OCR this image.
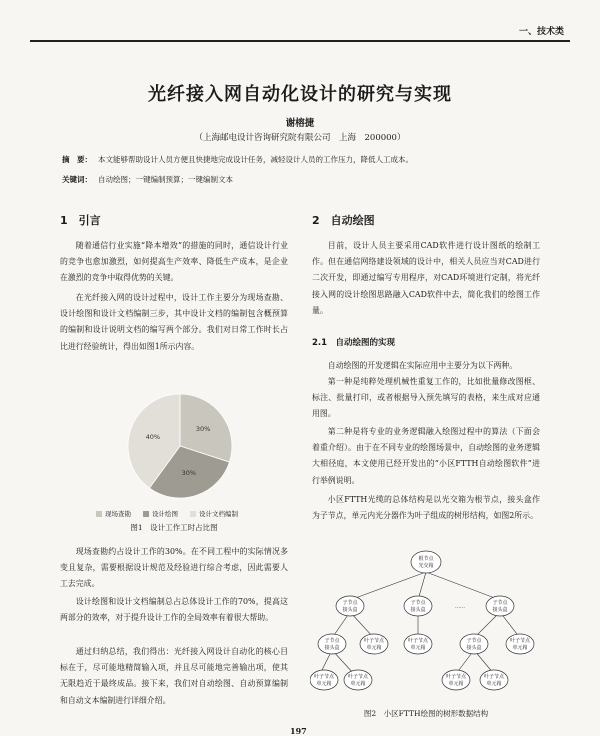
一、技术类
光纤接入网自动化设计的研究与实现
谢榕捷
（上海邮电设计咨询研究院有限公司　上海　200000）
摘　要： 本文能够帮助设计人员方便且快捷地完成设计任务，减轻设计人员的工作压力，降低人工成本。
关键词： 自动绘图；一键编制预算；一键编制文本
1　引言

随着通信行业实施“降本增效”的措施的同时，通信设计行业的竞争也愈加激烈，如何提高生产效率、降低生产成本，是企业在激烈的竞争中取得优势的关键。

在光纤接入网的设计过程中，设计工作主要分为现场查勘、设计绘图和设计文档编制三步，其中设计文档的编制包含概预算的编制和设计说明文档的编写两个部分。我们对日常工作时长占比进行经验统计，得出如图1所示内容。

30%
30%
40%
现场查勘	设计绘图	设计文档编制
图1　设计工作工时占比图

现场查勘约占设计工作的30%。在不同工程中的实际情况多变且复杂，需要根据设计规范及经验进行综合考虑，因此需要人工去完成。

设计绘图和设计文档编制总占总体设计工作的70%，提高这两部分的效率，对于提升设计工作的全局效率有着很大帮助。

通过归纳总结，我们得出：光纤接入网设计自动化的核心目标在于，尽可能地精简输入项，并且尽可能地完善输出项，使其无限趋近于最终成品。接下来，我们对自动绘图、自动预算编制和自动文本编制进行详细介绍。

2　自动绘图

目前，设计人员主要采用CAD软件进行设计图纸的绘制工作。但在通信网络建设领域的设计中，相关人员应当对CAD进行二次开发，即通过编写专用程序，对CAD环境进行定制，将光纤接入网的设计绘图思路融入CAD软件中去，简化我们的绘图工作量。

2.1　自动绘图的实现

自动绘图的开发逻辑在实际应用中主要分为以下两种。

第一种是纯粹处理机械性重复工作的，比如批量修改图框、标注、批量打印，或者根据导入预先填写的表格，来生成对应通用图。

第二种是将专业的业务逻辑融入绘图过程中的算法（下面会着重介绍）。由于在不同专业的绘图场景中，自动绘图的业务逻辑大相径庭，本文使用已经开发出的“小区FTTH自动绘图软件”进行举例说明。

小区FTTH光缆的总体结构是以光交箱为根节点，接头盒作为子节点，单元内光分器作为叶子组成的树形结构，如图2所示。

根节点
光交箱
子节点
接头盒
子节点
接头盒
子节点
接头盒
……
子节点
接头盒
叶子节点
单元箱
叶子节点
单元箱
子节点
接头盒
叶子节点
单元箱
叶子节点
单元箱
叶子节点
单元箱
叶子节点
单元箱
叶子节点
单元箱
图2　小区FTTH绘图的树形数据结构
197
